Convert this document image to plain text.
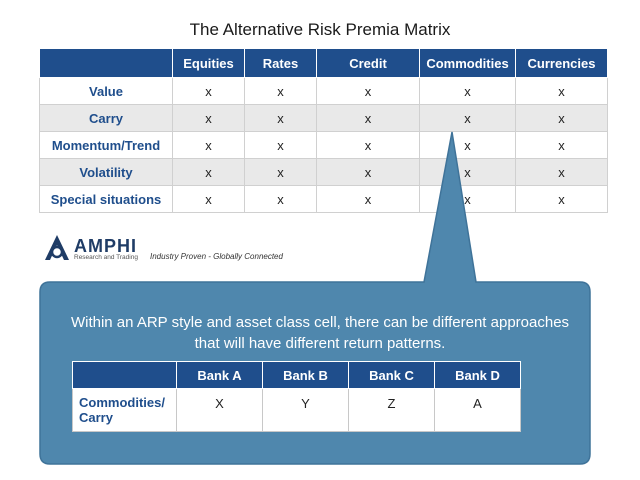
The Alternative Risk Premia Matrix
	Equities	Rates	Credit	Commodities	Currencies
Value	x	x	x	x	x
Carry	x	x	x	x	x
Momentum/Trend	x	x	x	x	x
Volatility	x	x	x	x	x
Special situations	x	x	x	x	x
AMPHI
Research and Trading Industry Proven - Globally Connected
Within an ARP style and asset class cell, there can be different approaches that will have different return patterns.
	Bank A	Bank B	Bank C	Bank D
Commodities/ Carry	X	Y	Z	A
